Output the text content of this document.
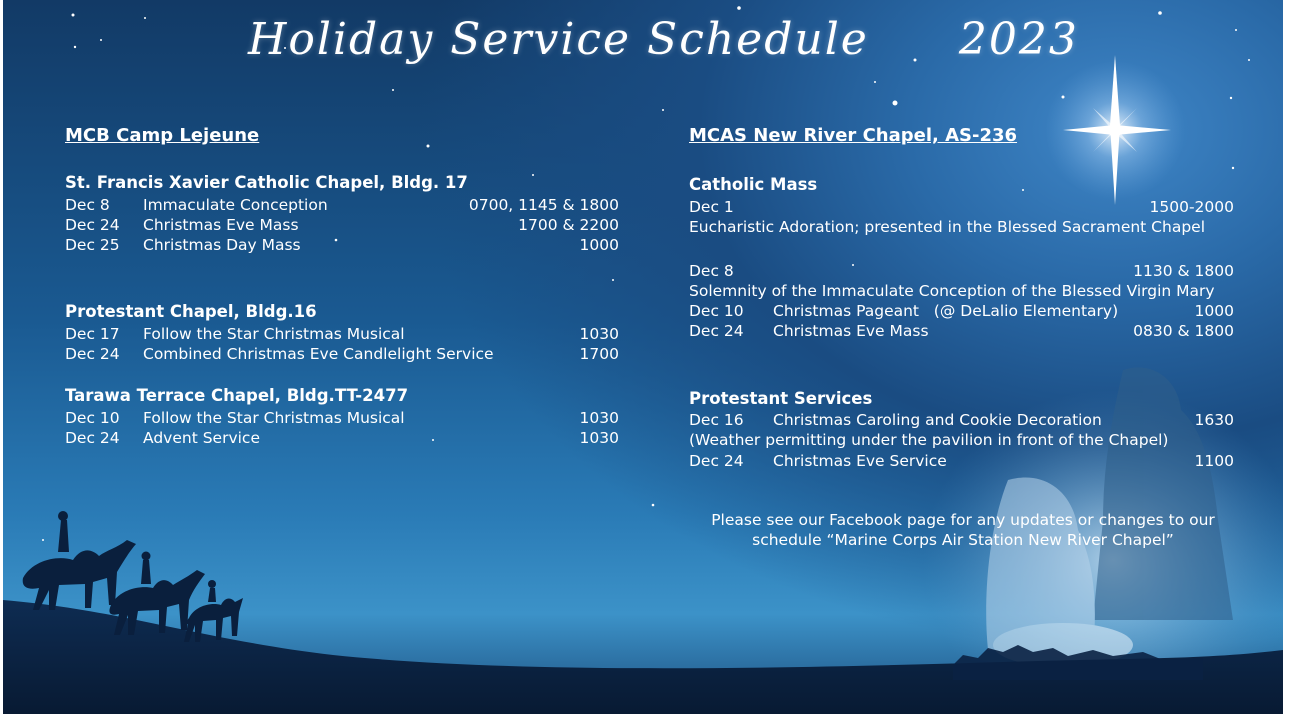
Holiday Service Schedule 2023
MCB Camp Lejeune
St. Francis Xavier Catholic Chapel, Bldg. 17
Dec 8 Immaculate Conception	0700, 1145 & 1800
Dec 24 Christmas Eve Mass	1700 & 2200
Dec 25 Christmas Day Mass	1000
Protestant Chapel, Bldg.16
Dec 17 Follow the Star Christmas Musical	1030
Dec 24 Combined Christmas Eve Candlelight Service	1700
Tarawa Terrace Chapel, Bldg.TT-2477
Dec 10 Follow the Star Christmas Musical	1030
Dec 24 Advent Service	1030
MCAS New River Chapel, AS-236
Catholic Mass
Dec 1	1500-2000
Eucharistic Adoration; presented in the Blessed Sacrament Chapel
Dec 8	1130 & 1800
Solemnity of the Immaculate Conception of the Blessed Virgin Mary
Dec 10 Christmas Pageant   (@ DeLalio Elementary)	1000
Dec 24 Christmas Eve Mass	0830 & 1800
Protestant Services
Dec 16 Christmas Caroling and Cookie Decoration	1630
(Weather permitting under the pavilion in front of the Chapel)
Dec 24 Christmas Eve Service	1100
Please see our Facebook page for any updates or changes to our
schedule “Marine Corps Air Station New River Chapel”
